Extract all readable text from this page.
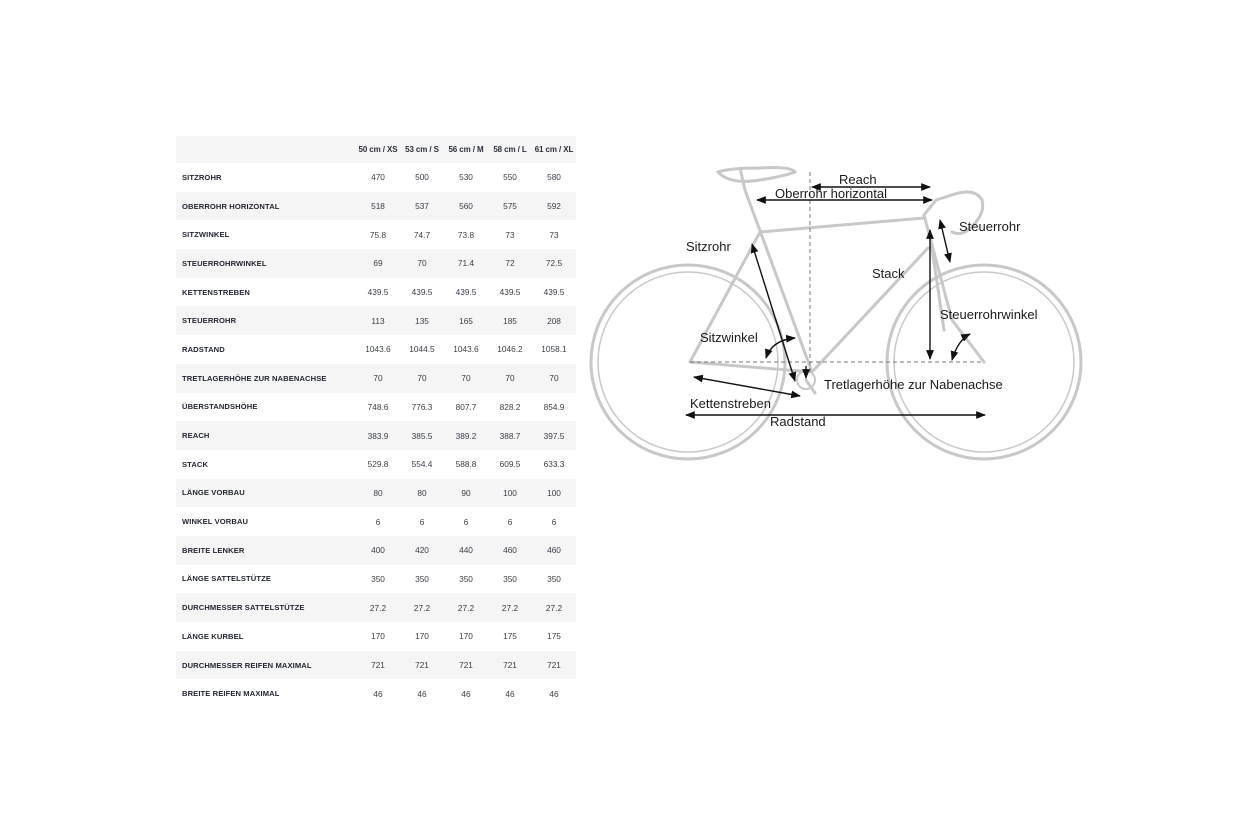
	50 cm / XS	53 cm / S	56 cm / M	58 cm / L	61 cm / XL
SITZROHR	470	500	530	550	580
OBERROHR HORIZONTAL	518	537	560	575	592
SITZWINKEL	75.8	74.7	73.8	73	73
STEUERROHRWINKEL	69	70	71.4	72	72.5
KETTENSTREBEN	439.5	439.5	439.5	439.5	439.5
STEUERROHR	113	135	165	185	208
RADSTAND	1043.6	1044.5	1043.6	1046.2	1058.1
TRETLAGERHÖHE ZUR NABENACHSE	70	70	70	70	70
ÜBERSTANDSHÖHE	748.6	776.3	807.7	828.2	854.9
REACH	383.9	385.5	389.2	388.7	397.5
STACK	529.8	554.4	588.8	609.5	633.3
LÄNGE VORBAU	80	80	90	100	100
WINKEL VORBAU	6	6	6	6	6
BREITE LENKER	400	420	440	460	460
LÄNGE SATTELSTÜTZE	350	350	350	350	350
DURCHMESSER SATTELSTÜTZE	27.2	27.2	27.2	27.2	27.2
LÄNGE KURBEL	170	170	170	175	175
DURCHMESSER REIFEN MAXIMAL	721	721	721	721	721
BREITE REIFEN MAXIMAL	46	46	46	46	46
Reach
Oberrohr horizontal
Sitzrohr
Steuerrohr
Stack
Sitzwinkel
Steuerrohrwinkel
Tretlagerhöhe zur Nabenachse
Kettenstreben
Radstand
